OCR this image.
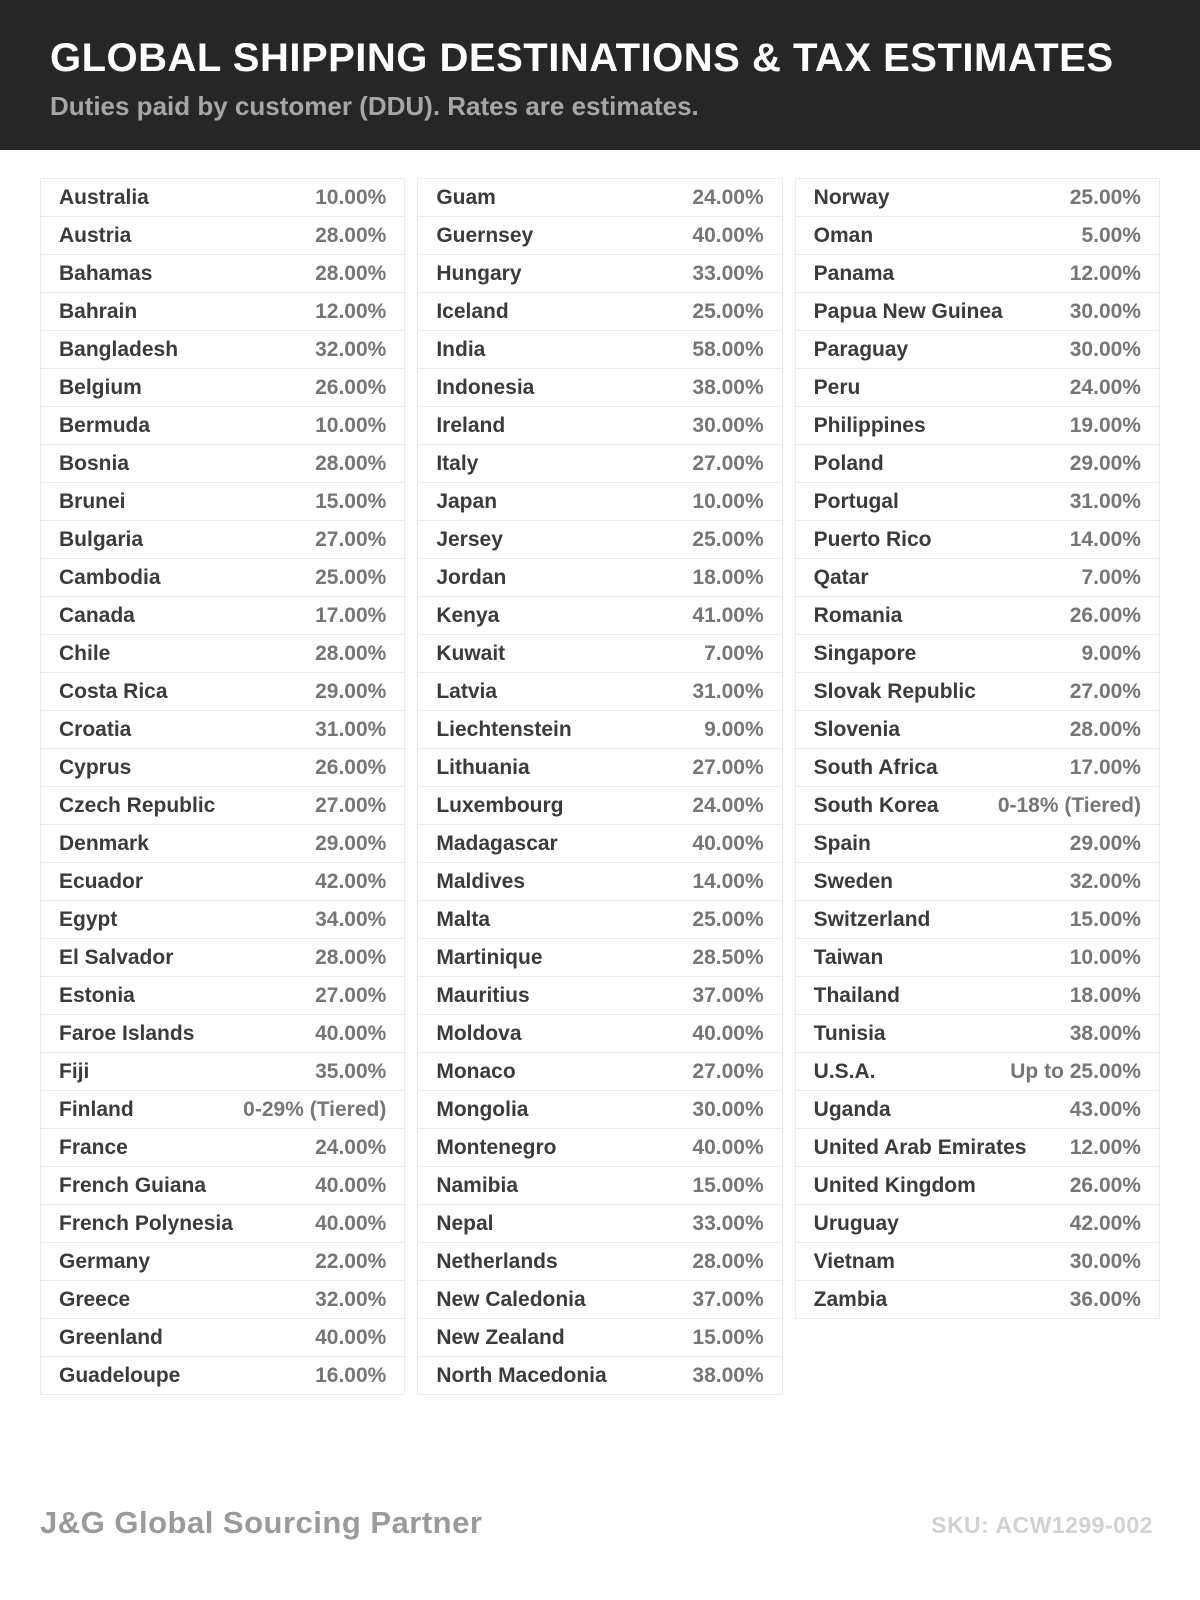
GLOBAL SHIPPING DESTINATIONS & TAX ESTIMATES
Duties paid by customer (DDU). Rates are estimates.
Australia	10.00%
Austria	28.00%
Bahamas	28.00%
Bahrain	12.00%
Bangladesh	32.00%
Belgium	26.00%
Bermuda	10.00%
Bosnia	28.00%
Brunei	15.00%
Bulgaria	27.00%
Cambodia	25.00%
Canada	17.00%
Chile	28.00%
Costa Rica	29.00%
Croatia	31.00%
Cyprus	26.00%
Czech Republic	27.00%
Denmark	29.00%
Ecuador	42.00%
Egypt	34.00%
El Salvador	28.00%
Estonia	27.00%
Faroe Islands	40.00%
Fiji	35.00%
Finland	0-29% (Tiered)
France	24.00%
French Guiana	40.00%
French Polynesia	40.00%
Germany	22.00%
Greece	32.00%
Greenland	40.00%
Guadeloupe	16.00%
Guam	24.00%
Guernsey	40.00%
Hungary	33.00%
Iceland	25.00%
India	58.00%
Indonesia	38.00%
Ireland	30.00%
Italy	27.00%
Japan	10.00%
Jersey	25.00%
Jordan	18.00%
Kenya	41.00%
Kuwait	7.00%
Latvia	31.00%
Liechtenstein	9.00%
Lithuania	27.00%
Luxembourg	24.00%
Madagascar	40.00%
Maldives	14.00%
Malta	25.00%
Martinique	28.50%
Mauritius	37.00%
Moldova	40.00%
Monaco	27.00%
Mongolia	30.00%
Montenegro	40.00%
Namibia	15.00%
Nepal	33.00%
Netherlands	28.00%
New Caledonia	37.00%
New Zealand	15.00%
North Macedonia	38.00%
Norway	25.00%
Oman	5.00%
Panama	12.00%
Papua New Guinea	30.00%
Paraguay	30.00%
Peru	24.00%
Philippines	19.00%
Poland	29.00%
Portugal	31.00%
Puerto Rico	14.00%
Qatar	7.00%
Romania	26.00%
Singapore	9.00%
Slovak Republic	27.00%
Slovenia	28.00%
South Africa	17.00%
South Korea	0-18% (Tiered)
Spain	29.00%
Sweden	32.00%
Switzerland	15.00%
Taiwan	10.00%
Thailand	18.00%
Tunisia	38.00%
U.S.A.	Up to 25.00%
Uganda	43.00%
United Arab Emirates 12.00%
United Kingdom	26.00%
Uruguay	42.00%
Vietnam	30.00%
Zambia	36.00%
J&G Global Sourcing Partner	SKU: ACW1299-002
